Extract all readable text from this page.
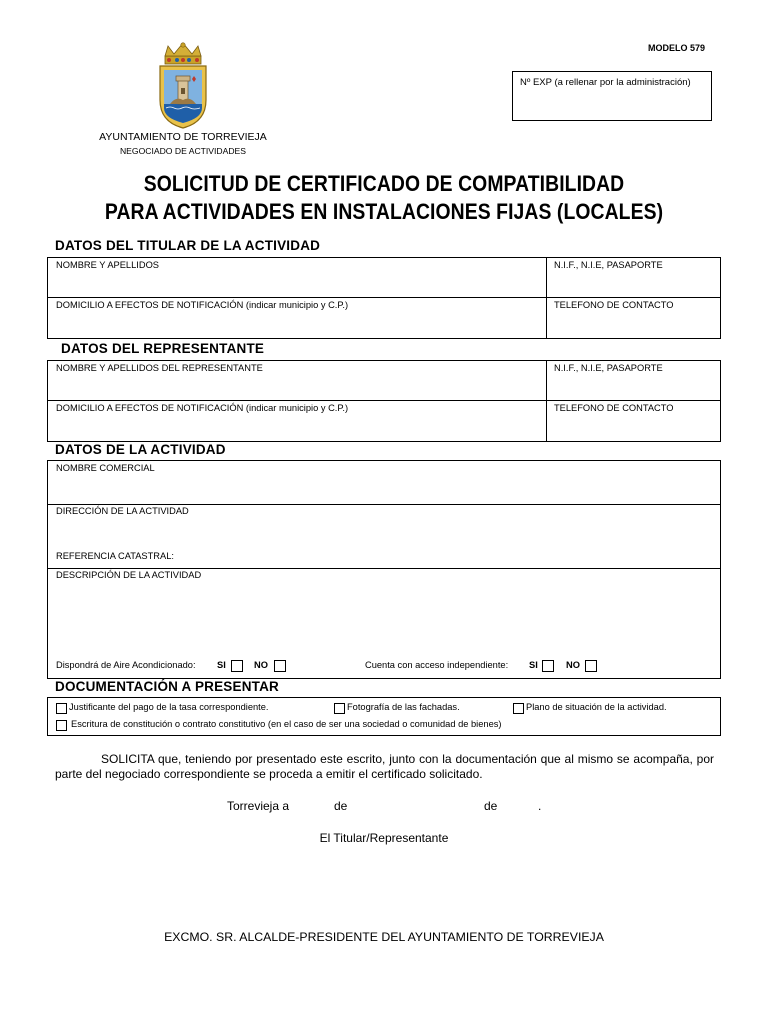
MODELO 579
Nº EXP (a rellenar por la administración)
AYUNTAMIENTO DE TORREVIEJA
NEGOCIADO DE ACTIVIDADES
SOLICITUD DE CERTIFICADO DE COMPATIBILIDAD
PARA ACTIVIDADES EN INSTALACIONES FIJAS (LOCALES)
DATOS DEL TITULAR DE LA ACTIVIDAD
NOMBRE Y APELLIDOS	N.I.F., N.I.E, PASAPORTE
DOMICILIO A EFECTOS DE NOTIFICACIÓN (indicar municipio y C.P.)	TELEFONO DE CONTACTO
DATOS DEL REPRESENTANTE
NOMBRE Y APELLIDOS DEL REPRESENTANTE	N.I.F., N.I.E, PASAPORTE
DOMICILIO A EFECTOS DE NOTIFICACIÓN (indicar municipio y C.P.)	TELEFONO DE CONTACTO
DATOS DE LA ACTIVIDAD
NOMBRE COMERCIAL
DIRECCIÓN DE LA ACTIVIDAD
REFERENCIA CATASTRAL:
DESCRIPCIÓN DE LA ACTIVIDAD
Dispondrá de Aire Acondicionado: SI	NO	Cuenta con acceso independiente: SI	NO
DOCUMENTACIÓN A PRESENTAR
Justificante del pago de la tasa correspondiente.	Fotografía de las fachadas.	Plano de situación de la actividad.
Escritura de constitución o contrato constitutivo (en el caso de ser una sociedad o comunidad de bienes)
SOLICITA que, teniendo por presentado este escrito, junto con la documentación que al mismo se acompaña, por parte del negociado correspondiente se proceda a emitir el certificado solicitado.
Torrevieja a	de	de	.
El Titular/Representante
EXCMO. SR. ALCALDE-PRESIDENTE DEL AYUNTAMIENTO DE TORREVIEJA
